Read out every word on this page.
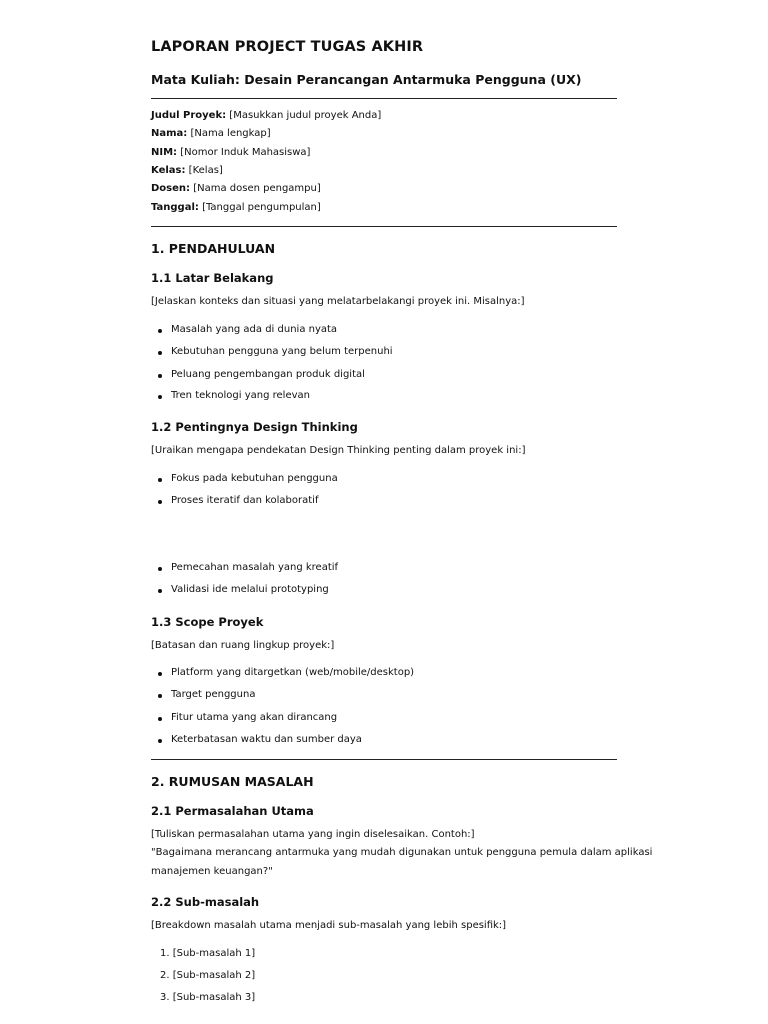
LAPORAN PROJECT TUGAS AKHIR
Mata Kuliah: Desain Perancangan Antarmuka Pengguna (UX)
Judul Proyek: [Masukkan judul proyek Anda]
Nama: [Nama lengkap]
NIM: [Nomor Induk Mahasiswa]
Kelas: [Kelas]
Dosen: [Nama dosen pengampu]
Tanggal: [Tanggal pengumpulan]
1. PENDAHULUAN
1.1 Latar Belakang
[Jelaskan konteks dan situasi yang melatarbelakangi proyek ini. Misalnya:]
Masalah yang ada di dunia nyata
Kebutuhan pengguna yang belum terpenuhi
Peluang pengembangan produk digital
Tren teknologi yang relevan
1.2 Pentingnya Design Thinking
[Uraikan mengapa pendekatan Design Thinking penting dalam proyek ini:]
Fokus pada kebutuhan pengguna
Proses iteratif dan kolaboratif
Pemecahan masalah yang kreatif
Validasi ide melalui prototyping
1.3 Scope Proyek
[Batasan dan ruang lingkup proyek:]
Platform yang ditargetkan (web/mobile/desktop)
Target pengguna
Fitur utama yang akan dirancang
Keterbatasan waktu dan sumber daya
2. RUMUSAN MASALAH
2.1 Permasalahan Utama
[Tuliskan permasalahan utama yang ingin diselesaikan. Contoh:]
"Bagaimana merancang antarmuka yang mudah digunakan untuk pengguna pemula dalam aplikasi
manajemen keuangan?"
2.2 Sub-masalah
[Breakdown masalah utama menjadi sub-masalah yang lebih spesifik:]
1. [Sub-masalah 1]
2. [Sub-masalah 2]
3. [Sub-masalah 3]
